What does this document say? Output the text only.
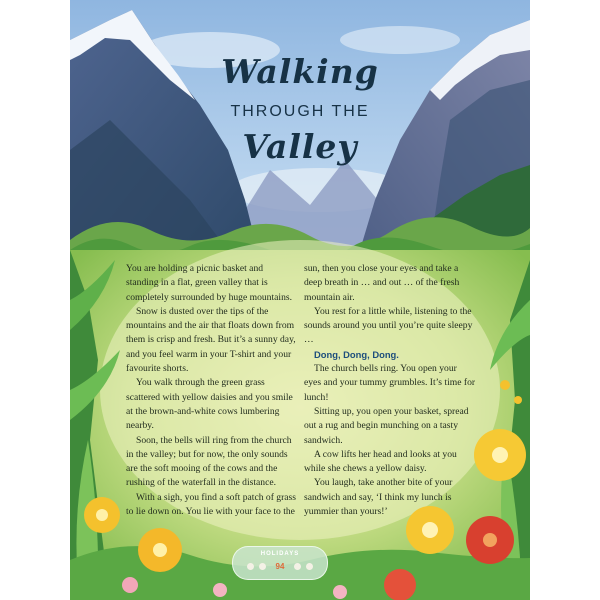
Walking
THROUGH THE
Valley

You are holding a picnic basket and standing in a flat, green valley that is completely surrounded by huge mountains.

Snow is dusted over the tips of the mountains and the air that floats down from them is crisp and fresh. But it’s a sunny day, and you feel warm in your T-shirt and your favourite shorts.

You walk through the green grass scattered with yellow daisies and you smile at the brown-and-white cows lumbering nearby.

Soon, the bells will ring from the church in the valley; but for now, the only sounds are the soft mooing of the cows and the rushing of the waterfall in the distance.

With a sigh, you find a soft patch of grass to lie down on. You lie with your face to the

sun, then you close your eyes and take a deep breath in … and out … of the fresh mountain air.

You rest for a little while, listening to the sounds around you until you’re quite sleepy …

Dong, Dong, Dong.

The church bells ring. You open your eyes and your tummy grumbles. It’s time for lunch!

Sitting up, you open your basket, spread out a rug and begin munching on a tasty sandwich.

A cow lifts her head and looks at you while she chews a yellow daisy.

You laugh, take another bite of your sandwich and say, ‘I think my lunch is yummier than yours!’

HOLIDAYS
94
